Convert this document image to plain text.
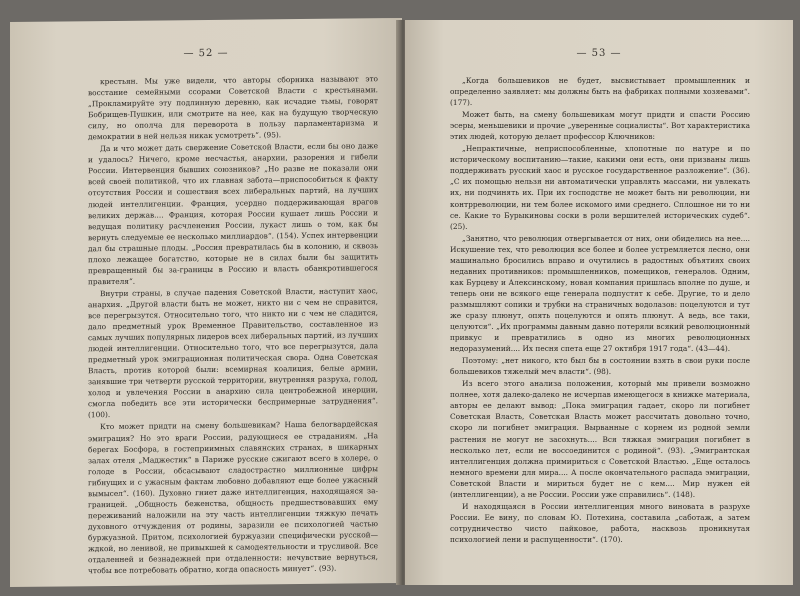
— 52 —

крестьян. Мы уже видели, что авторы сборника называют это восстание семейными ссорами Советской Власти с крестьянами. „Прокламируйте эту подлинную деревню, как исчадие тьмы, говорят Бобрищев-Пушкин, или смотрите на нее, как на будущую творческую силу, но ополча для переворота в пользу парламентаризма и демократии в ней нельзя никак усмотреть“. (95).

Да и что может дать свержение Советской Власти, если бы оно даже и удалось? Ничего, кроме несчастья, анархии, разорения и гибели России. Интервенция бывших союзников? „Но разве не показали они всей своей политикой, что их главная забота—приспособиться к факту отсутствия России и сошествия всех либеральных партий, на лучших людей интеллигенции. Франция, усердно поддерживающая врагов великих держав.... Франция, которая России кушает лишь России и ведущая политику расчленения России, лукаст лишь о том, как бы вернуть следуемые ее несколько миллиардов“. (154). Успех интервенции дал бы страшные плоды. „Россия превратилась бы в колонию, и сквозь плохо лежащее богатство, которые не в силах были бы защитить превращенный бы за-границы в Россию и власть обанкротившегося правителя“.

Внутри страны, в случае падения Советской Власти, наступит хаос, анархия. „Другой власти быть не может, никто ни с чем не справится, все перегрызутся. Относительно того, что никто ни с чем не сладится, дало предметный урок Временное Правительство, составленное из самых лучших популярных лидеров всех либеральных партий, из лучших людей интеллигенции. Относительно того, что все перегрызутся, дала предметный урок эмиграционная политическая свора. Одна Советская Власть, против которой были: всемирная коалиция, белые армии, занявшие три четверти русской территории, внутренняя разруха, голод, холод и увлечения России в анархию сила центробежной инерции, смогла победить все эти исторически беспримерные затруднения“. (100).

Кто может придти на смену большевикам? Наша белогвардейская эмиграция? Но это враги России, радующиеся ее страданиям. „На берегах Босфора, в гостеприимных славянских странах, в шикарных залах отеля „Маджестик“ в Париже русские сжигают всего в холере, о голоде в России, обсасывают сладострастно миллионные цифры гибнущих и с ужасным фактам любовно добавляют еще более ужасный вымысел“. (160). Духовно гниет даже интеллигенция, находящаяся за-границей. „Общность беженства, общность предшествовавших ему переживаний наложили на эту часть интеллигенции тяжкую печать духовного отчуждения от родины, заразили ее психологией частью буржуазной. Притом, психологией буржуазии специфически русской—ждкой, но ленивой, не привыкшей к самодеятельности и трусливой. Все отдаленней и безнадежней при отдаленности: нечувствие вернуться, чтобы все потребовать обратно, когда опасность минует“. (93).

— 53 —

„Когда большевиков не будет, высвистывает промышленник и определенно заявляет: мы должны быть на фабриках полными хозяевами“. (177).

Может быть, на смену большевикам могут придти и спасти Россию эсеры, меньшевики и прочие „уверенные социалисты“. Вот характеристика этих людей, которую делает профессор Ключников:

„Непрактичные, неприспособленные, хлопотные по натуре и по историческому воспитанию—такие, какими они есть, они призваны лишь поддерживать русский хаос и русское государственное разложение“. (36). „С их помощью нельзя ни автоматически управлять массами, ни увлекать их, ни подчинять их. При их господстве не может быть ни революции, ни контрреволюции, ни тем более искомого ими среднего. Сплошное ни то ни се. Какие то Бурыкиновы соски в роли вершителей исторических судеб“. (25).

„Занятно, что революция отвергывается от них, они обиделись на нее.... Искушение тех, что революция все более и более устремляется лесно, они машинально бросились вправо и очутились в радостных объятиях своих недавних противников: промышленников, помещиков, генералов. Одним, как Бурцеву и Алексинскому, новая компания пришлась вполне по душе, и теперь они не всякого еще генерала подпустят к себе. Другие, то и дело размышляют сопики и трубки на страничных водолазов: поцелуются и тут же сразу плюнут, опять поцелуются и опять плюнут. А ведь, все таки, целуются“. „Их программы давным давно потеряли всякий революционный привкус и превратились в одно из многих революционных недоразумений.... Их песня спета еще 27 октября 1917 года“. (43—44).

Поэтому: „нет никого, кто был бы в состоянии взять в свои руки после большевиков тяжелый меч власти“. (98).

Из всего этого анализа положения, который мы привели возможно полнее, хотя далеко-далеко не исчерпав имеющегося в книжке материала, авторы ее делают вывод: „Пока эмиграция гадает, скоро ли погибнет Советская Власть, Советская Власть может рассчитать довольно точно, скоро ли погибнет эмиграция. Вырванные с корнем из родной земли растения не могут не засохнуть.... Вся тяжкая эмиграция погибнет в несколько лет, если не воссоединится с родиной“. (93). „Эмигрантская интеллигенция должна примириться с Советской Властью. „Еще осталось немного времени для мира.... А после окончательного распада эмиграции, Советской Власти и мириться будет не с кем.... Мир нужен ей (интеллигенции), а не России. России уже справились“. (148).

И находящаяся в России интеллигенция много виновата в разрухе России. Ее вину, по словам Ю. Потехина, составила „саботаж, а затем сотрудничество чисто пайковое, работа, насквозь проникнутая психологией лени и распущенности“. (170).
